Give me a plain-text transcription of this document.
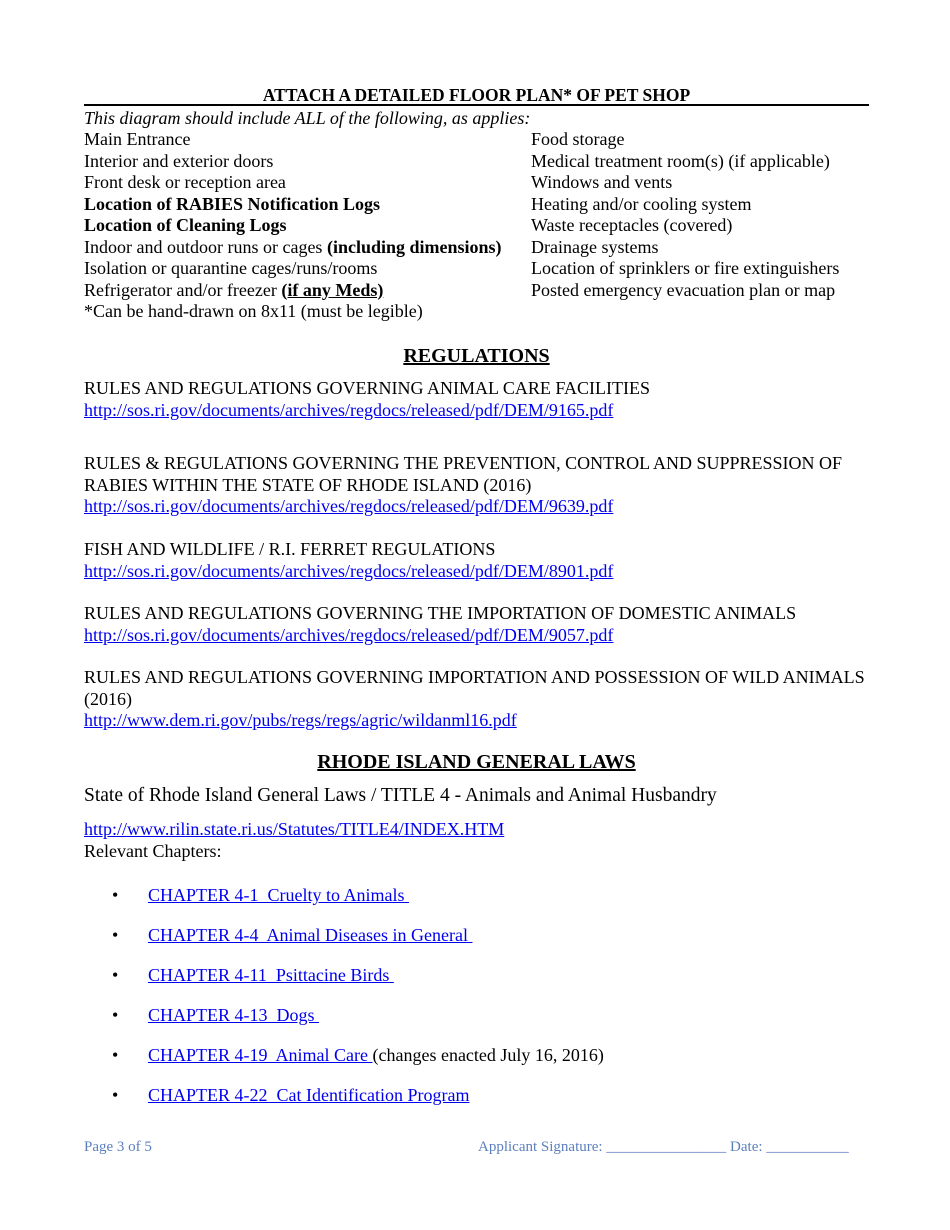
ATTACH A DETAILED FLOOR PLAN* OF PET SHOP
This diagram should include ALL of the following, as applies:
Main Entrance
Interior and exterior doors
Front desk or reception area
Location of RABIES Notification Logs
Location of Cleaning Logs
Indoor and outdoor runs or cages (including dimensions)
Isolation or quarantine cages/runs/rooms
Refrigerator and/or freezer (if any Meds)
Food storage
Medical treatment room(s) (if applicable)
Windows and vents
Heating and/or cooling system
Waste receptacles (covered)
Drainage systems
Location of sprinklers or fire extinguishers
Posted emergency evacuation plan or map
*Can be hand-drawn on 8x11 (must be legible)
REGULATIONS
RULES AND REGULATIONS GOVERNING ANIMAL CARE FACILITIES
http://sos.ri.gov/documents/archives/regdocs/released/pdf/DEM/9165.pdf
RULES & REGULATIONS GOVERNING THE PREVENTION, CONTROL AND SUPPRESSION OF RABIES WITHIN THE STATE OF RHODE ISLAND (2016)
http://sos.ri.gov/documents/archives/regdocs/released/pdf/DEM/9639.pdf
FISH AND WILDLIFE / R.I. FERRET REGULATIONS
http://sos.ri.gov/documents/archives/regdocs/released/pdf/DEM/8901.pdf
RULES AND REGULATIONS GOVERNING THE IMPORTATION OF DOMESTIC ANIMALS
http://sos.ri.gov/documents/archives/regdocs/released/pdf/DEM/9057.pdf
RULES AND REGULATIONS GOVERNING IMPORTATION AND POSSESSION OF WILD ANIMALS (2016)
http://www.dem.ri.gov/pubs/regs/regs/agric/wildanml16.pdf
RHODE ISLAND GENERAL LAWS
State of Rhode Island General Laws / TITLE 4 - Animals and Animal Husbandry
http://www.rilin.state.ri.us/Statutes/TITLE4/INDEX.HTM
Relevant Chapters:
• CHAPTER 4-1  Cruelty to Animals
• CHAPTER 4-4  Animal Diseases in General
• CHAPTER 4-11  Psittacine Birds
• CHAPTER 4-13  Dogs
• CHAPTER 4-19  Animal Care (changes enacted July 16, 2016)
• CHAPTER 4-22  Cat Identification Program
Page 3 of 5	Applicant Signature: ________________ Date: ___________
